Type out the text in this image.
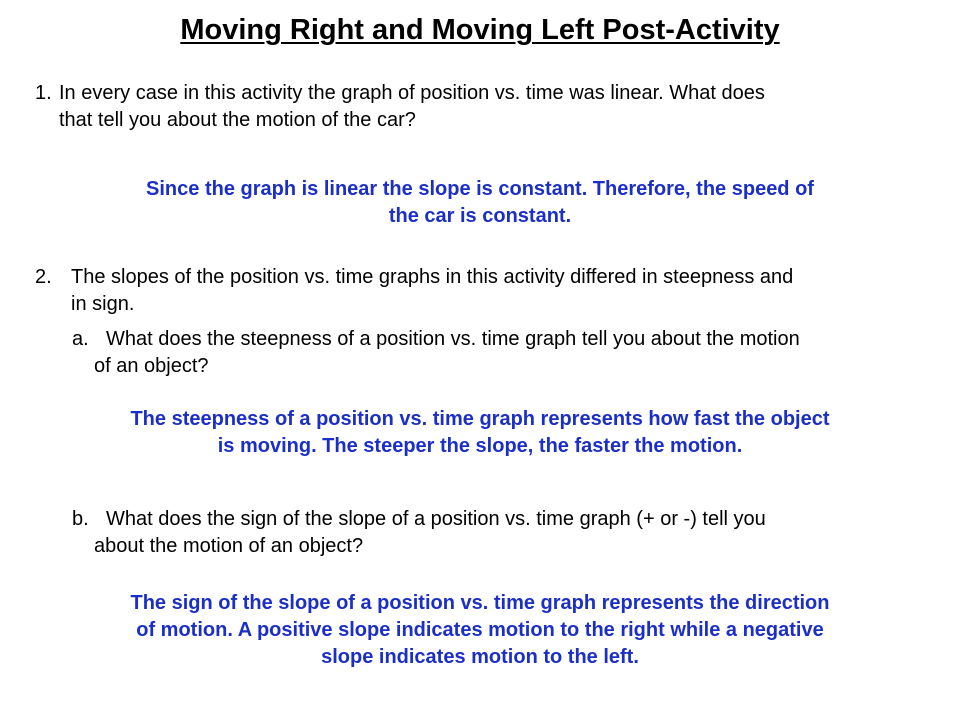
Moving Right and Moving Left Post-Activity
1. In every case in this activity the graph of position vs. time was linear. What does
that tell you about the motion of the car?
Since the graph is linear the slope is constant. Therefore, the speed of
the car is constant.
2. The slopes of the position vs. time graphs in this activity differed in steepness and
in sign.
a. What does the steepness of a position vs. time graph tell you about the motion
of an object?
The steepness of a position vs. time graph represents how fast the object
is moving. The steeper the slope, the faster the motion.
b. What does the sign of the slope of a position vs. time graph (+ or -) tell you
about the motion of an object?
The sign of the slope of a position vs. time graph represents the direction
of motion. A positive slope indicates motion to the right while a negative
slope indicates motion to the left.
